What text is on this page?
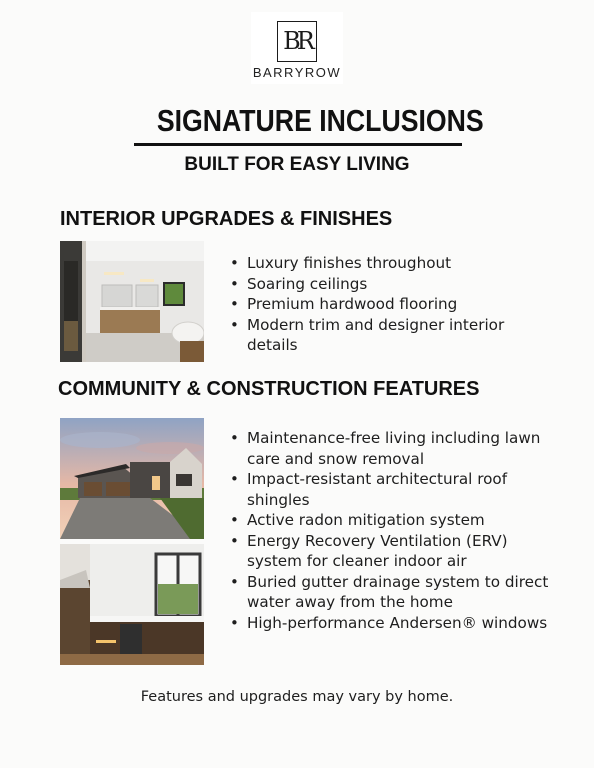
BR
BARRYROW
SIGNATURE INCLUSIONS
BUILT FOR EASY LIVING
INTERIOR UPGRADES & FINISHES
• Luxury finishes throughout
• Soaring ceilings
• Premium hardwood flooring
• Modern trim and designer interior details
COMMUNITY & CONSTRUCTION FEATURES
• Maintenance-free living including lawn care and snow removal
• Impact-resistant architectural roof shingles
• Active radon mitigation system
• Energy Recovery Ventilation (ERV) system for cleaner indoor air
• Buried gutter drainage system to direct water away from the home
• High-performance Andersen® windows
Features and upgrades may vary by home.
